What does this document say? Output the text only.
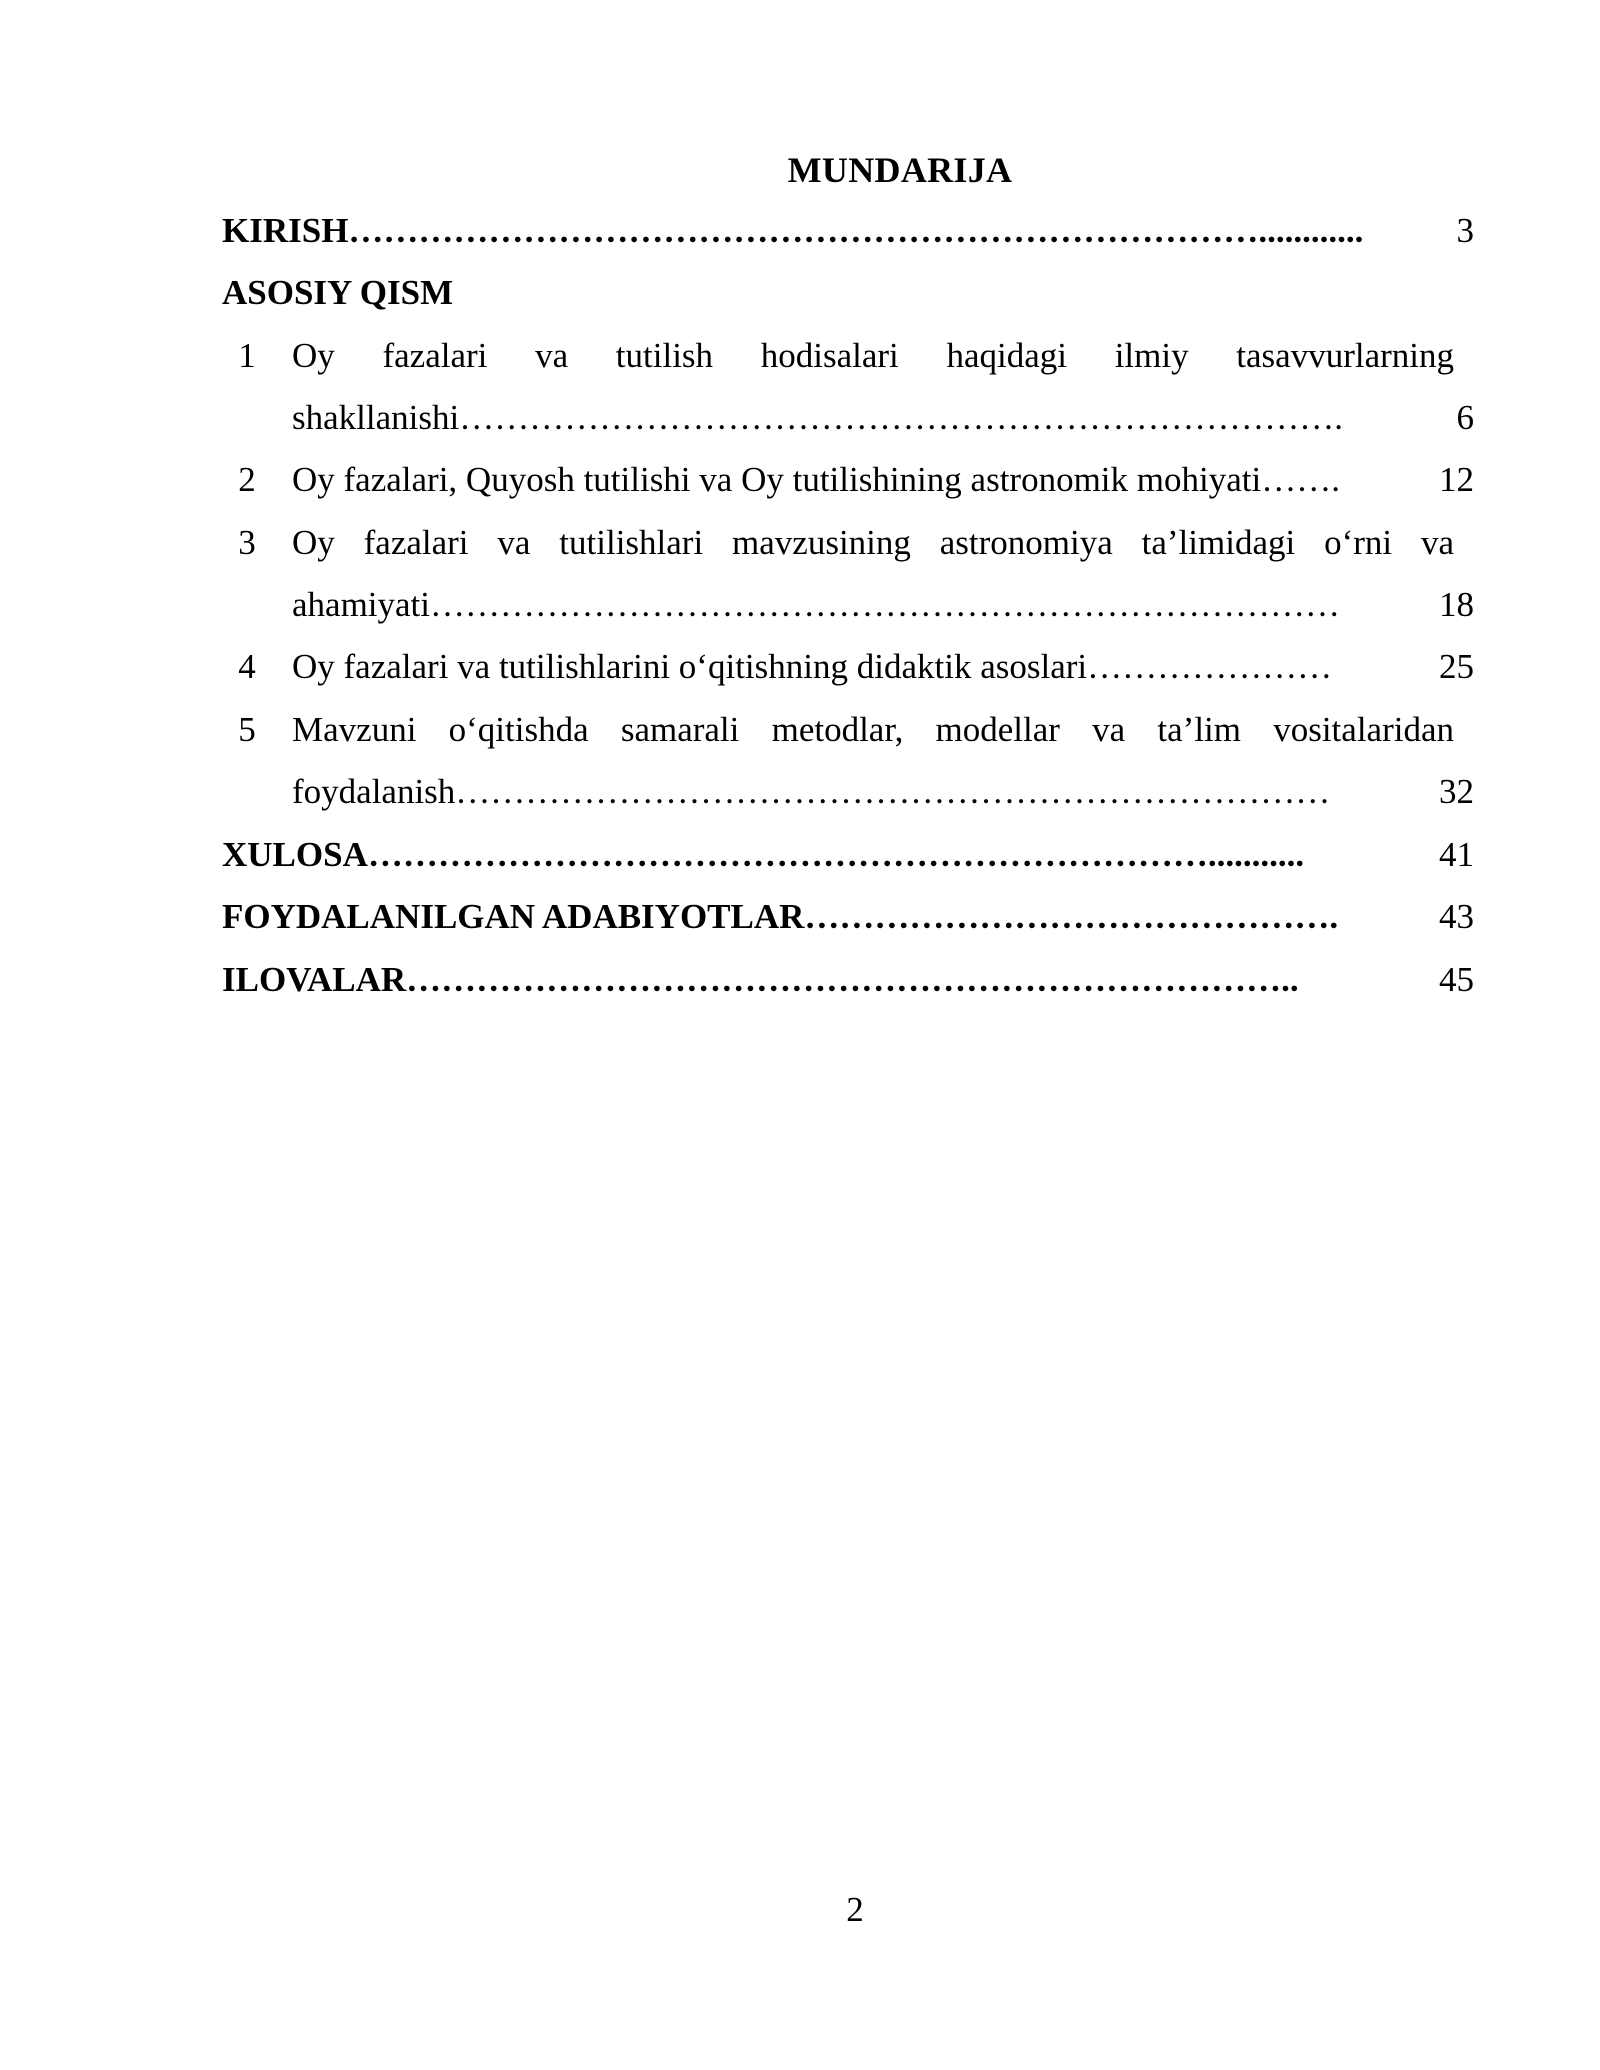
MUNDARIJA
KIRISH……………………………………………………………………............	3
ASOSIY QISM
1 Oy fazalari va tutilish hodisalari haqidagi ilmiy tasavvurlarning
shakllanishi………………………………………………………………….	6
2 Oy fazalari, Quyosh tutilishi va Oy tutilishining astronomik mohiyati…….	12
3 Oy fazalari va tutilishlari mavzusining astronomiya ta’limidagi o‘rni va
ahamiyati……………………………………………………………………	18
4 Oy fazalari va tutilishlarini o‘qitishning didaktik asoslari…………………	25
5 Mavzuni o‘qitishda samarali metodlar, modellar va ta’lim vositalaridan
foydalanish…………………………………………………………………	32
XULOSA………………………………………………………………...........	41
FOYDALANILGAN ADABIYOTLAR……………………………………….	43
ILOVALAR…………………………………………………………………..	45
2
